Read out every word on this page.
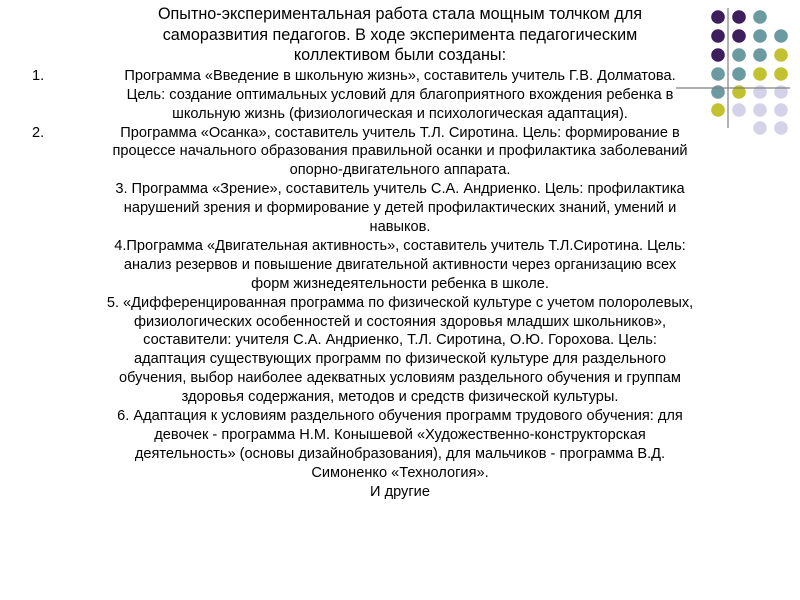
Опытно-экспериментальная работа стала мощным толчком для
саморазвития педагогов. В ходе эксперимента педагогическим
коллективом были созданы:
1.	Программа «Введение в школьную жизнь», составитель учитель Г.В. Долматова.
Цель: создание оптимальных условий для благоприятного вхождения ребенка в
школьную жизнь (физиологическая и психологическая адаптация).
2.	Программа «Осанка», составитель учитель Т.Л. Сиротина. Цель: формирование в
процессе начального образования правильной осанки и профилактика заболеваний
опорно-двигательного аппарата.
3. Программа «Зрение», составитель учитель С.А. Андриенко. Цель: профилактика
нарушений зрения и формирование у детей профилактических знаний, умений и
навыков.
4.Программа «Двигательная активность», составитель учитель Т.Л.Сиротина. Цель:
анализ резервов и повышение двигательной активности через организацию всех
форм жизнедеятельности ребенка в школе.
5. «Дифференцированная программа по физической культуре с учетом полоролевых,
физиологических особенностей и состояния здоровья младших школьников»,
составители: учителя С.А. Андриенко, Т.Л. Сиротина, О.Ю. Горохова. Цель:
адаптация существующих программ по физической культуре для раздельного
обучения, выбор наиболее адекватных условиям раздельного обучения и группам
здоровья содержания, методов и средств физической культуры.
6. Адаптация к условиям раздельного обучения программ трудового обучения: для
девочек - программа Н.М. Конышевой «Художественно-конструкторская
деятельность» (основы дизайнобразования), для мальчиков - программа В.Д.
Симоненко «Технология».
И другие
